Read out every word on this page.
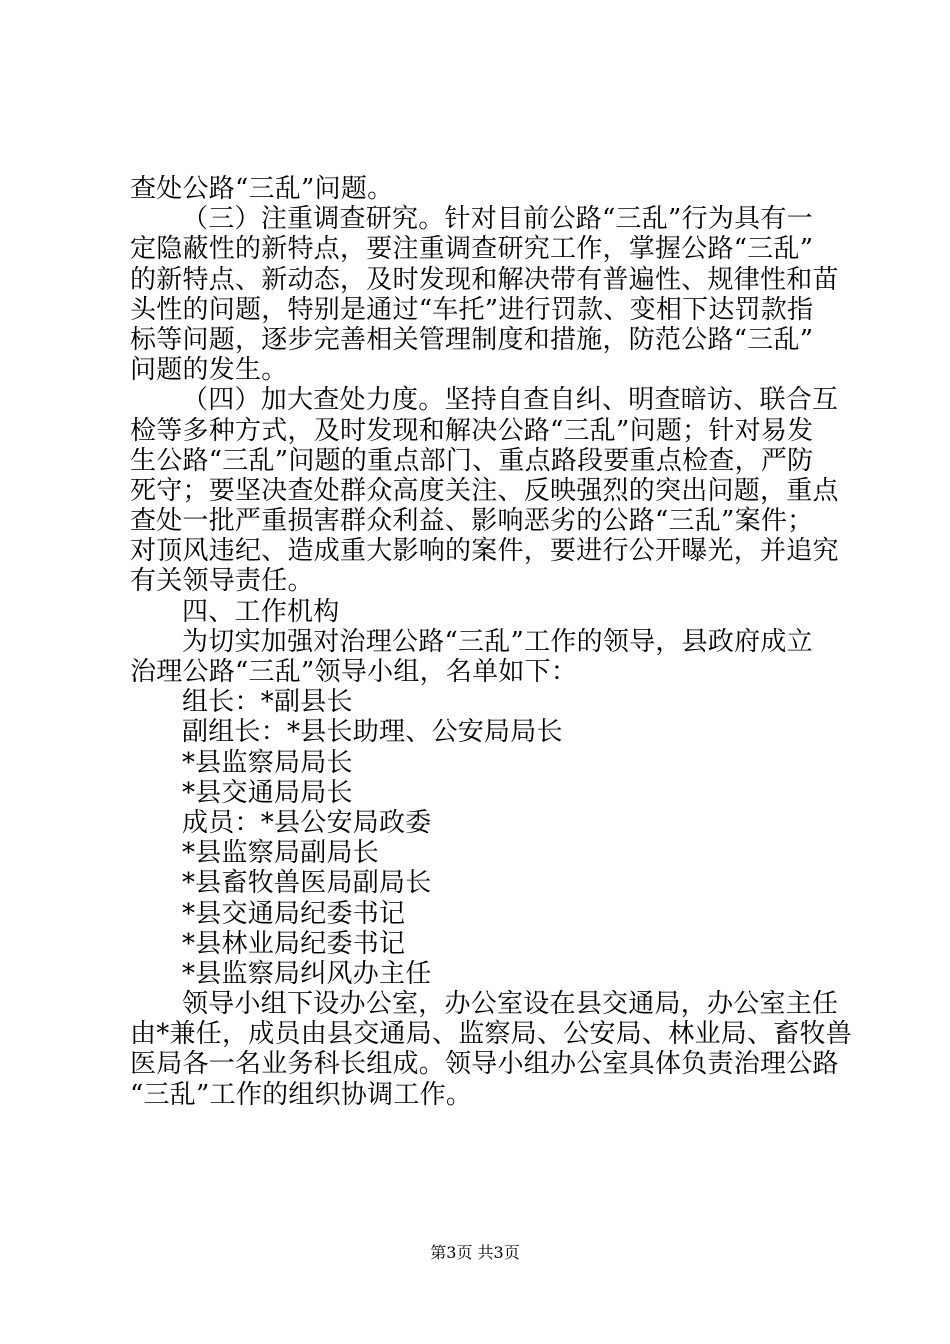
查处公路“三乱”问题。
（三）注重调查研究。针对目前公路“三乱”行为具有一
定隐蔽性的新特点，要注重调查研究工作，掌握公路“三乱”
的新特点、新动态，及时发现和解决带有普遍性、规律性和苗
头性的问题，特别是通过“车托”进行罚款、变相下达罚款指
标等问题，逐步完善相关管理制度和措施，防范公路“三乱”
问题的发生。
（四）加大查处力度。坚持自查自纠、明查暗访、联合互
检等多种方式，及时发现和解决公路“三乱”问题；针对易发
生公路“三乱”问题的重点部门、重点路段要重点检查，严防
死守；要坚决查处群众高度关注、反映强烈的突出问题，重点
查处一批严重损害群众利益、影响恶劣的公路“三乱”案件；
对顶风违纪、造成重大影响的案件，要进行公开曝光，并追究
有关领导责任。
四、工作机构
为切实加强对治理公路“三乱”工作的领导，县政府成立
治理公路“三乱”领导小组，名单如下：
组长：*副县长
副组长：*县长助理、公安局局长
*县监察局局长
*县交通局局长
成员：*县公安局政委
*县监察局副局长
*县畜牧兽医局副局长
*县交通局纪委书记
*县林业局纪委书记
*县监察局纠风办主任
领导小组下设办公室，办公室设在县交通局，办公室主任
由*兼任，成员由县交通局、监察局、公安局、林业局、畜牧兽
医局各一名业务科长组成。领导小组办公室具体负责治理公路
“三乱”工作的组织协调工作。
第3页 共3页
